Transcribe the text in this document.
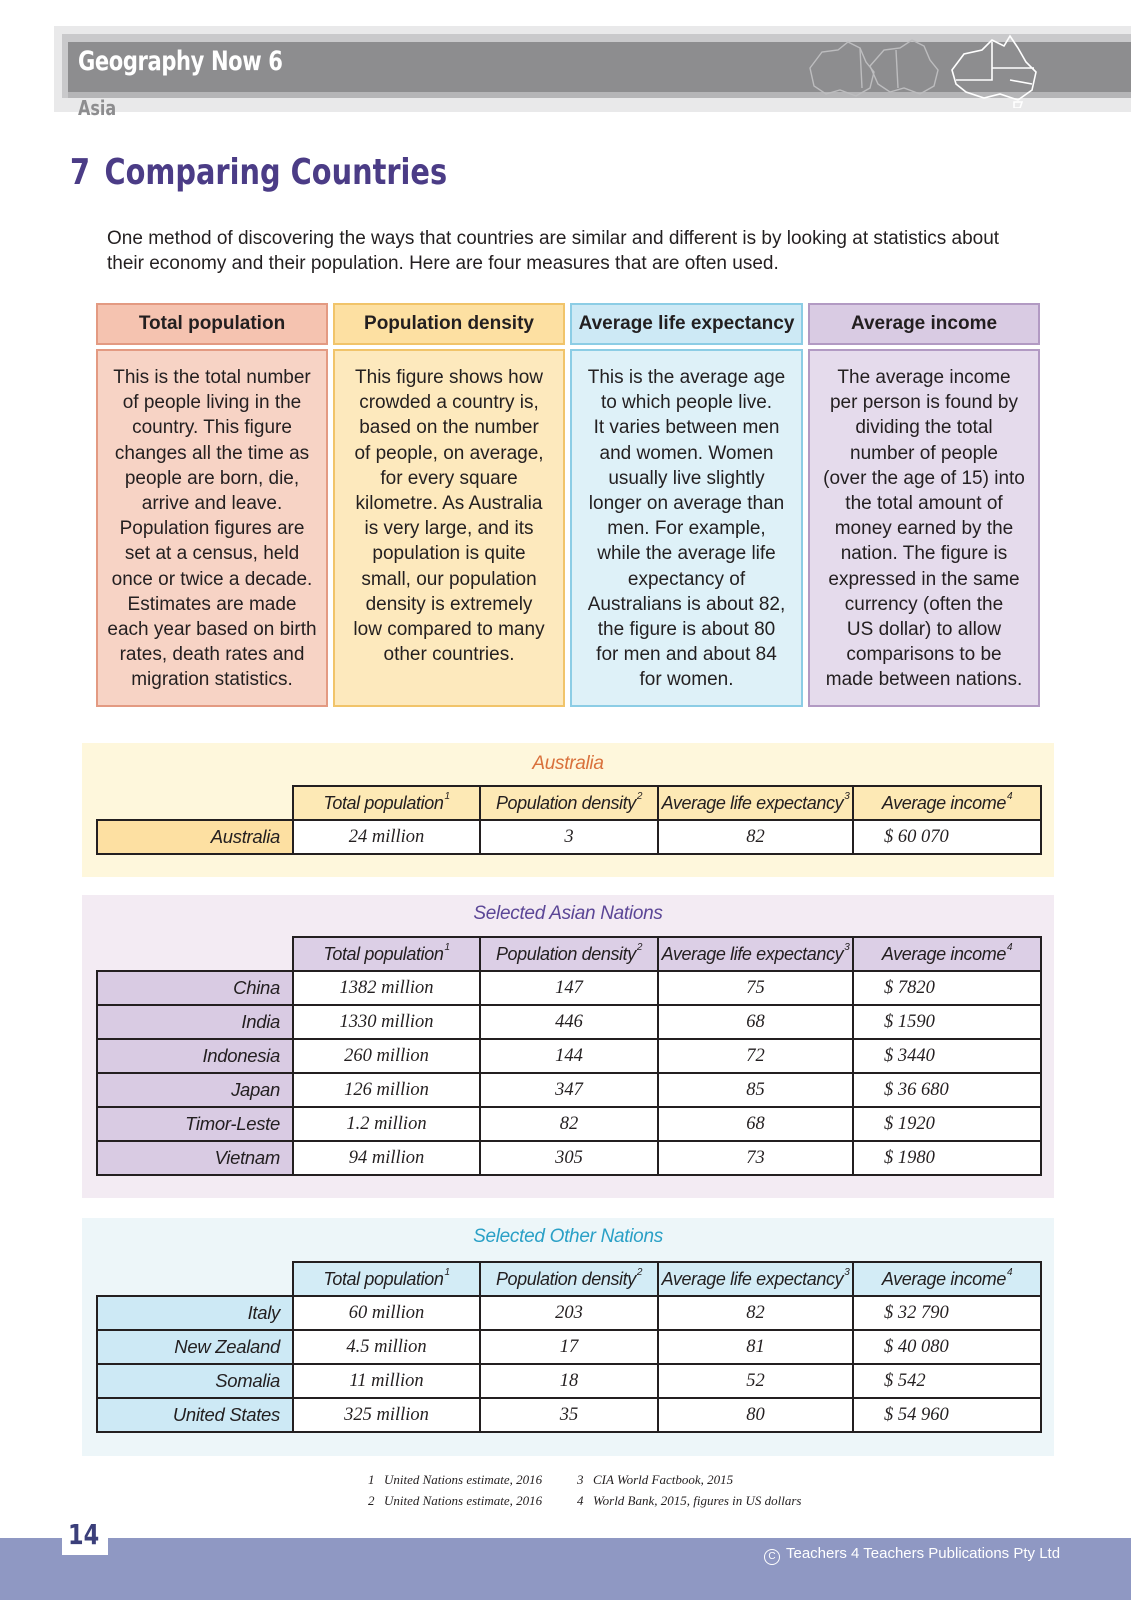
Geography Now 6
Asia
7 Comparing Countries

One method of discovering the ways that countries are similar and different is by looking at statistics about their economy and their population. Here are four measures that are often used.

Total population	Population density	Average life expectancy	Average income
This is the total number
of people living in the
country. This figure
changes all the time as
people are born, die,
arrive and leave.
Population figures are
set at a census, held
once or twice a decade.
Estimates are made
each year based on birth
rates, death rates and
migration statistics.
This figure shows how
crowded a country is,
based on the number
of people, on average,
for every square
kilometre. As Australia
is very large, and its
population is quite
small, our population
density is extremely
low compared to many
other countries.
This is the average age
to which people live.
It varies between men
and women. Women
usually live slightly
longer on average than
men. For example,
while the average life
expectancy of
Australians is about 82,
the figure is about 80
for men and about 84
for women.
The average income
per person is found by
dividing the total
number of people
(over the age of 15) into
the total amount of
money earned by the
nation. The figure is
expressed in the same
currency (often the
US dollar) to allow
comparisons to be
made between nations.
Australia
	Total population$^1$	Population density$^2$	Average life expectancy$^3$	Average income$^4$
Australia	24 million	3	82	$ 60 070
Selected Asian Nations
	Total population$^1$	Population density$^2$	Average life expectancy$^3$	Average income$^4$
China	1382 million	147	75	$ 7820
India	1330 million	446	68	$ 1590
Indonesia	260 million	144	72	$ 3440
Japan	126 million	347	85	$ 36 680
Timor-Leste	1.2 million	82	68	$ 1920
Vietnam	94 million	305	73	$ 1980
Selected Other Nations
	Total population$^1$	Population density$^2$	Average life expectancy$^3$	Average income$^4$
Italy	60 million	203	82	$ 32 790
New Zealand	4.5 million	17	81	$ 40 080
Somalia	11 million	18	52	$ 542
United States	325 million	35	80	$ 54 960
1 United Nations estimate, 2016
2 United Nations estimate, 2016
3 CIA World Factbook, 2015
4 World Bank, 2015, figures in US dollars
14
C Teachers 4 Teachers Publications Pty Ltd
